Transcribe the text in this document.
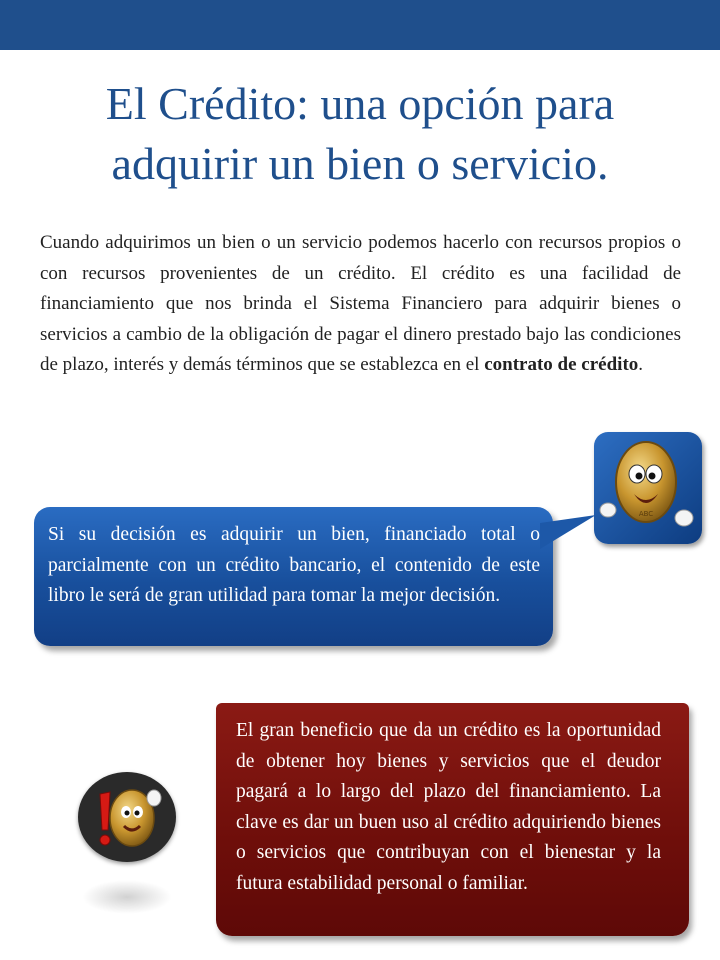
El Crédito: una opción para
adquirir un bien o servicio.

Cuando adquirimos un bien o un servicio podemos hacerlo con recursos propios o con recursos provenientes de un crédito. El crédito es una facilidad de financiamiento que nos brinda el Sistema Financiero para adquirir bienes o servicios a cambio de la obligación de pagar el dinero prestado bajo las condiciones de plazo, interés y demás términos que se establezca en el contrato de crédito.

ABC

Si su decisión es adquirir un bien, financiado total o parcialmente con un crédito bancario, el contenido de este libro le será de gran utilidad para tomar la mejor decisión.

El gran beneficio que da un crédito es la oportunidad de obtener hoy bienes y servicios que el deudor pagará a lo largo del plazo del financiamiento. La clave es dar un buen uso al crédito adquiriendo bienes o servicios que contribuyan con el bienestar y la futura estabilidad personal o familiar.
